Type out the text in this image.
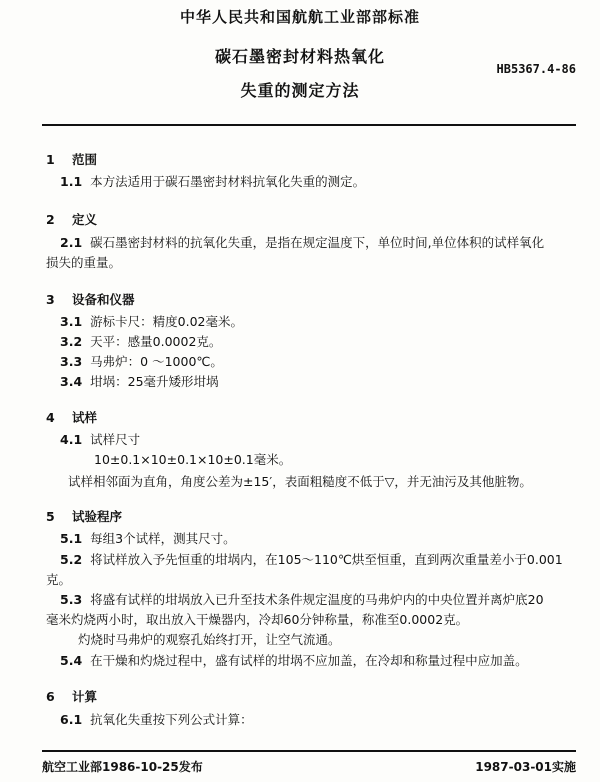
中华人民共和国航航工业部部标准
碳石墨密封材料热氧化
失重的测定方法
HB5367.4-86
1 范围
1.1 本方法适用于碳石墨密封材料抗氧化失重的测定。
2 定义
2.1 碳石墨密封材料的抗氧化失重，是指在规定温度下，单位时间,单位体积的试样氧化
损失的重量。
3 设备和仪器
3.1 游标卡尺：精度0.02毫米。
3.2 天平：感量0.0002克。
3.3 马弗炉：0 ～1000℃。
3.4 坩埚：25毫升矮形坩埚
4 试样
4.1 试样尺寸
10±0.1×10±0.1×10±0.1毫米。
试样相邻面为直角，角度公差为±15′，表面粗糙度不低于▽，并无油污及其他脏物。
5 试验程序
5.1 每组3个试样，测其尺寸。
5.2 将试样放入予先恒重的坩埚内，在105～110℃烘至恒重，直到两次重量差小于0.001
克。
5.3 将盛有试样的坩埚放入已升至技术条件规定温度的马弗炉内的中央位置并离炉底20
毫米灼烧两小时，取出放入干燥器内，冷却60分钟称量，称准至0.0002克。
灼烧时马弗炉的观察孔始终打开，让空气流通。
5.4 在干燥和灼烧过程中，盛有试样的坩埚不应加盖，在冷却和称量过程中应加盖。
6 计算
6.1 抗氧化失重按下列公式计算：
航空工业部1986-10-25发布	1987-03-01实施
